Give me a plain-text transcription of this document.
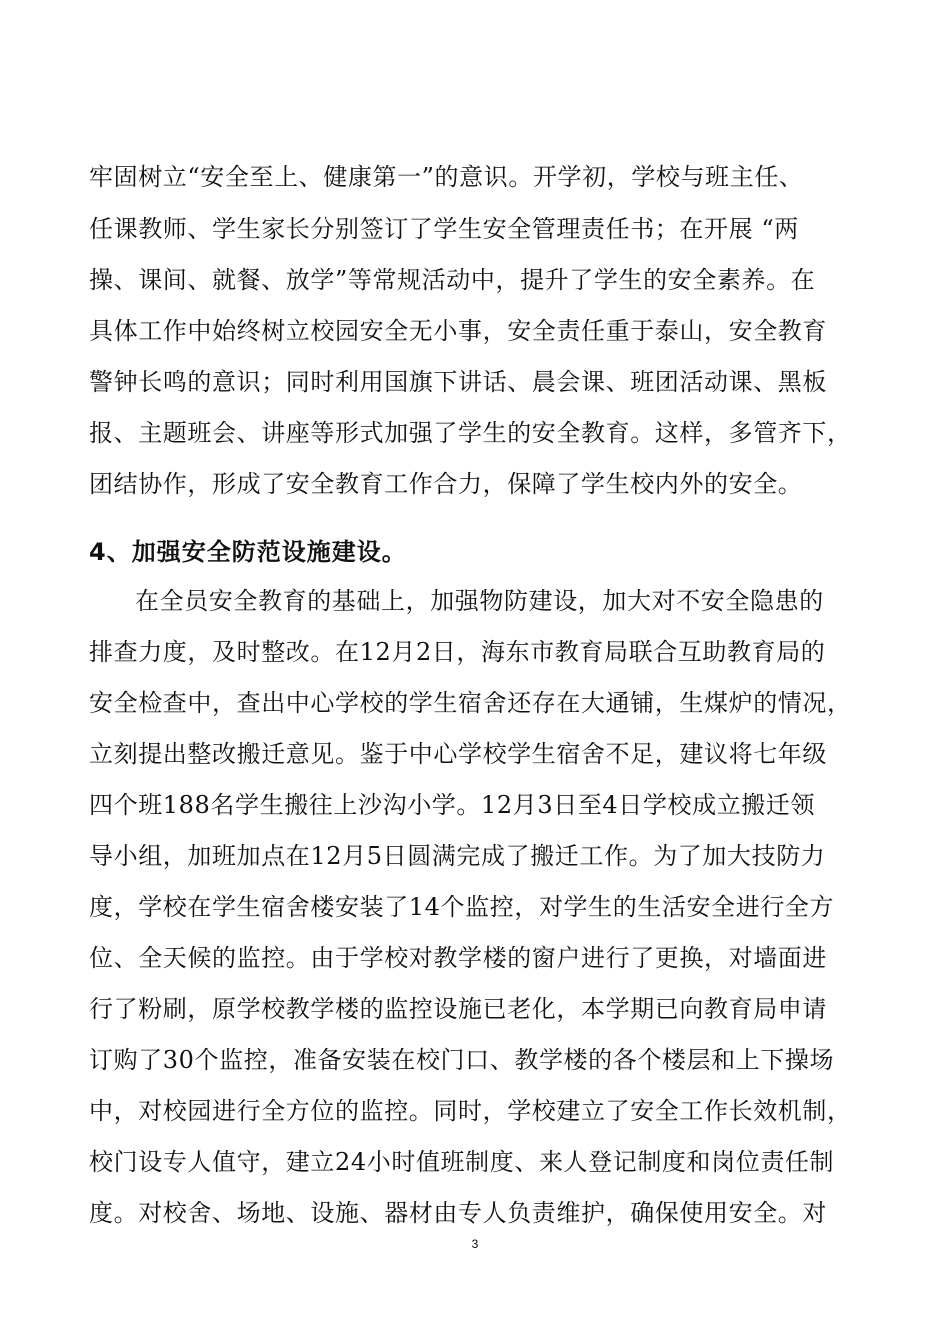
牢固树立“安全至上、健康第一”的意识。开学初，学校与班主任、
任课教师、学生家长分别签订了学生安全管理责任书；在开展 “两
操、课间、就餐、放学”等常规活动中，提升了学生的安全素养。在
具体工作中始终树立校园安全无小事，安全责任重于泰山，安全教育
警钟长鸣的意识；同时利用国旗下讲话、晨会课、班团活动课、黑板
报、主题班会、讲座等形式加强了学生的安全教育。这样，多管齐下，
团结协作，形成了安全教育工作合力，保障了学生校内外的安全。
4、加强安全防范设施建设。
在全员安全教育的基础上，加强物防建设，加大对不安全隐患的
排查力度，及时整改。在12月2日，海东市教育局联合互助教育局的
安全检查中，查出中心学校的学生宿舍还存在大通铺，生煤炉的情况，
立刻提出整改搬迁意见。鉴于中心学校学生宿舍不足，建议将七年级
四个班188名学生搬往上沙沟小学。12月3日至4日学校成立搬迁领
导小组，加班加点在12月5日圆满完成了搬迁工作。为了加大技防力
度，学校在学生宿舍楼安装了14个监控，对学生的生活安全进行全方
位、全天候的监控。由于学校对教学楼的窗户进行了更换，对墙面进
行了粉刷，原学校教学楼的监控设施已老化，本学期已向教育局申请
订购了30个监控，准备安装在校门口、教学楼的各个楼层和上下操场
中，对校园进行全方位的监控。同时，学校建立了安全工作长效机制，
校门设专人值守，建立24小时值班制度、来人登记制度和岗位责任制
度。对校舍、场地、设施、器材由专人负责维护，确保使用安全。对
3
